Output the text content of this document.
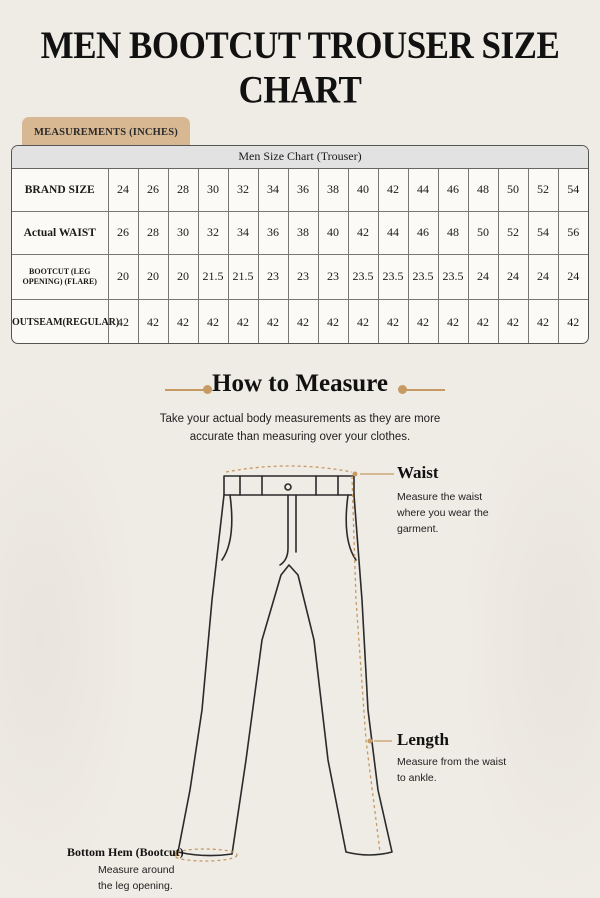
MEN BOOTCUT TROUSER SIZE CHART
MEASUREMENTS (INCHES)
Men Size Chart (Trouser)																
BRAND SIZE	24	26	28	30	32	34	36	38	40	42	44	46	48	50	52	54
Actual WAIST	26	28	30	32	34	36	38	40	42	44	46	48	50	52	54	56
BOOTCUT (LEG OPENING) (FLARE)	20	20	20	21.5	21.5	23	23	23	23.5	23.5	23.5	23.5	24	24	24	24
OUTSEAM(REGULAR)	42	42	42	42	42	42	42	42	42	42	42	42	42	42	42	42
How to Measure
Take your actual body measurements as they are more accurate than measuring over your clothes.
Waist
Measure the waist where you wear the garment.
Length
Measure from the waist to ankle.
Bottom Hem (Bootcut)
Measure around the leg opening.
